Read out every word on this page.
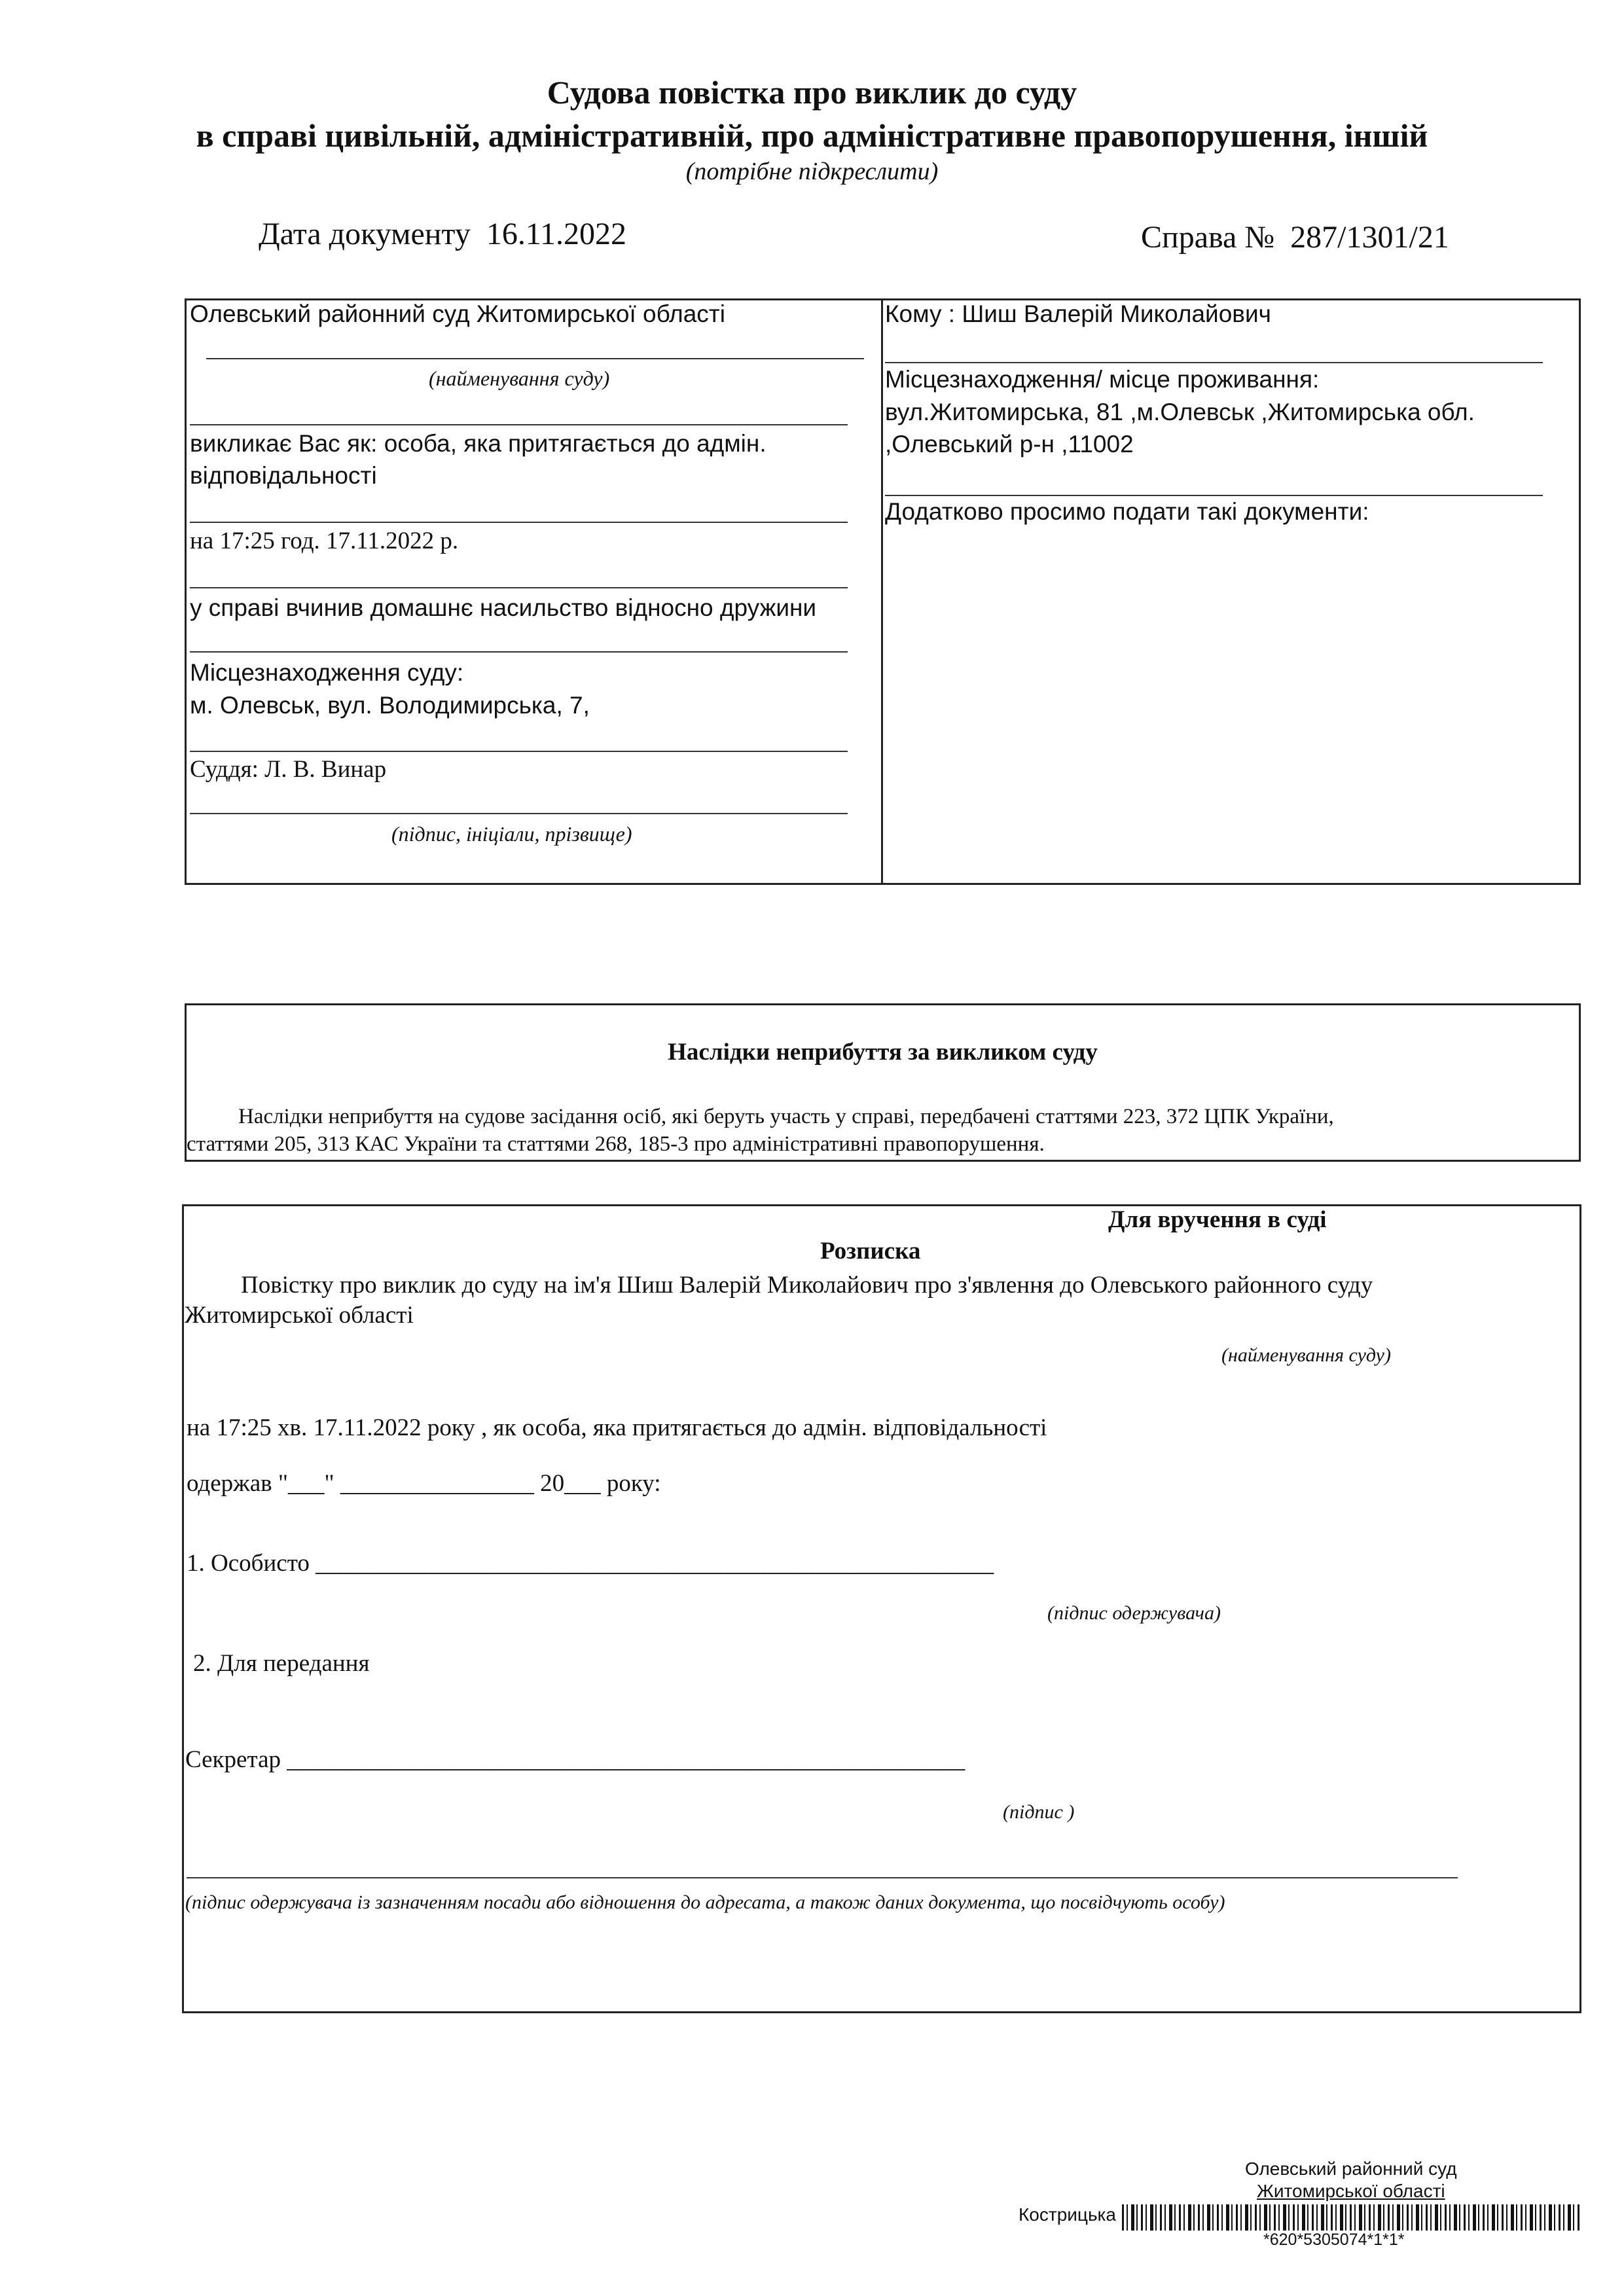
Судова повістка про виклик до суду
в справі цивільній, адміністративній, про адміністративне правопорушення, іншій
(потрібне підкреслити)
Дата документу 16.11.2022	Справа № 287/1301/21
Олевський районний суд Житомирської області
(найменування суду)
викликає Вас як: особа, яка притягається до адмін.
відповідальності
на 17:25 год. 17.11.2022 р.
у справі вчинив домашнє насильство відносно дружини
Місцезнаходження суду:
м. Олевськ, вул. Володимирська, 7,
Суддя: Л. В. Винар
(підпис, ініціали, прізвище)
Кому : Шиш Валерій Миколайович
Місцезнаходження/ місце проживання:
вул.Житомирська, 81 ,м.Олевськ ,Житомирська обл.
,Олевський р-н ,11002
Додатково просимо подати такі документи:
Наслідки неприбуття за викликом суду
Наслідки неприбуття на судове засідання осіб, які беруть участь у справі, передбачені статтями 223, 372 ЦПК України,
статтями 205, 313 КАС України та статтями 268, 185-3 про адміністративні правопорушення.
Для вручення в суді
Розписка
Повістку про виклик до суду на ім'я Шиш Валерій Миколайович про з'явлення до Олевського районного суду
Житомирської області
(найменування суду)
на 17:25 хв. 17.11.2022 року , як особа, яка притягається до адмін. відповідальності
одержав "___" ________________ 20___ року:
1. Особисто ________________________________________________________
(підпис одержувача)
2. Для передання
Секретар ________________________________________________________
(підпис )
(підпис одержувача із зазначенням посади або відношення до адресата, а також даних документа, що посвідчують особу)
Олевський районний суд
Житомирської області
Кострицька
*620*5305074*1*1*
